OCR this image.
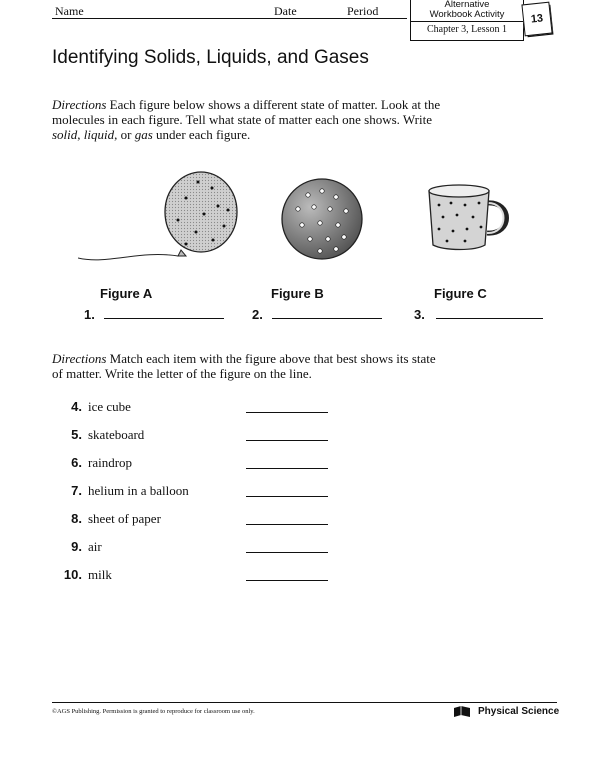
Name	Date	Period	Alternative
Workbook Activity
Chapter 3, Lesson 1
13
Identifying Solids, Liquids, and Gases
Directions Each figure below shows a different state of matter. Look at the molecules in each figure. Tell what state of matter each one shows. Write solid, liquid, or gas under each figure.
Figure A	Figure B	Figure C
1.	2.	3.
Directions Match each item with the figure above that best shows its state of matter. Write the letter of the figure on the line.
4. ice cube
5. skateboard
6. raindrop
7. helium in a balloon
8. sheet of paper
9. air
10. milk
©AGS Publishing. Permission is granted to reproduce for classroom use only.	Physical Science
